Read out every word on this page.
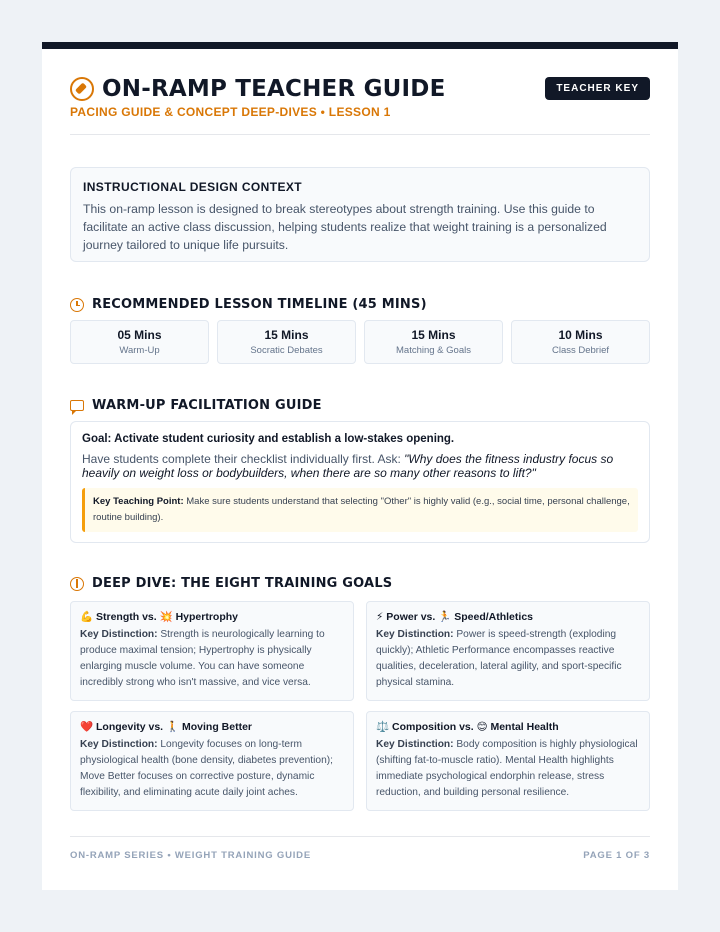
ON-RAMP TEACHER GUIDE
PACING GUIDE & CONCEPT DEEP-DIVES • LESSON 1
TEACHER KEY
INSTRUCTIONAL DESIGN CONTEXT
This on-ramp lesson is designed to break stereotypes about strength training. Use this guide to facilitate an active class discussion, helping students realize that weight training is a personalized journey tailored to unique life pursuits.
RECOMMENDED LESSON TIMELINE (45 MINS)
05 Mins
Warm-Up
15 Mins
Socratic Debates
15 Mins
Matching & Goals
10 Mins
Class Debrief
WARM-UP FACILITATION GUIDE
Goal: Activate student curiosity and establish a low-stakes opening.
Have students complete their checklist individually first. Ask: "Why does the fitness industry focus so heavily on weight loss or bodybuilders, when there are so many other reasons to lift?"
Key Teaching Point: Make sure students understand that selecting "Other" is highly valid (e.g., social time, personal challenge, routine building).
DEEP DIVE: THE EIGHT TRAINING GOALS
💪 Strength vs. 💥 Hypertrophy
Key Distinction: Strength is neurologically learning to produce maximal tension; Hypertrophy is physically enlarging muscle volume. You can have someone incredibly strong who isn't massive, and vice versa.
⚡ Power vs. 🏃 Speed/Athletics
Key Distinction: Power is speed-strength (exploding quickly); Athletic Performance encompasses reactive qualities, deceleration, lateral agility, and sport-specific physical stamina.
❤️ Longevity vs. 🚶 Moving Better
Key Distinction: Longevity focuses on long-term physiological health (bone density, diabetes prevention); Move Better focuses on corrective posture, dynamic flexibility, and eliminating acute daily joint aches.
⚖️ Composition vs. 😊 Mental Health
Key Distinction: Body composition is highly physiological (shifting fat-to-muscle ratio). Mental Health highlights immediate psychological endorphin release, stress reduction, and building personal resilience.
ON-RAMP SERIES • WEIGHT TRAINING GUIDE	PAGE 1 OF 3
